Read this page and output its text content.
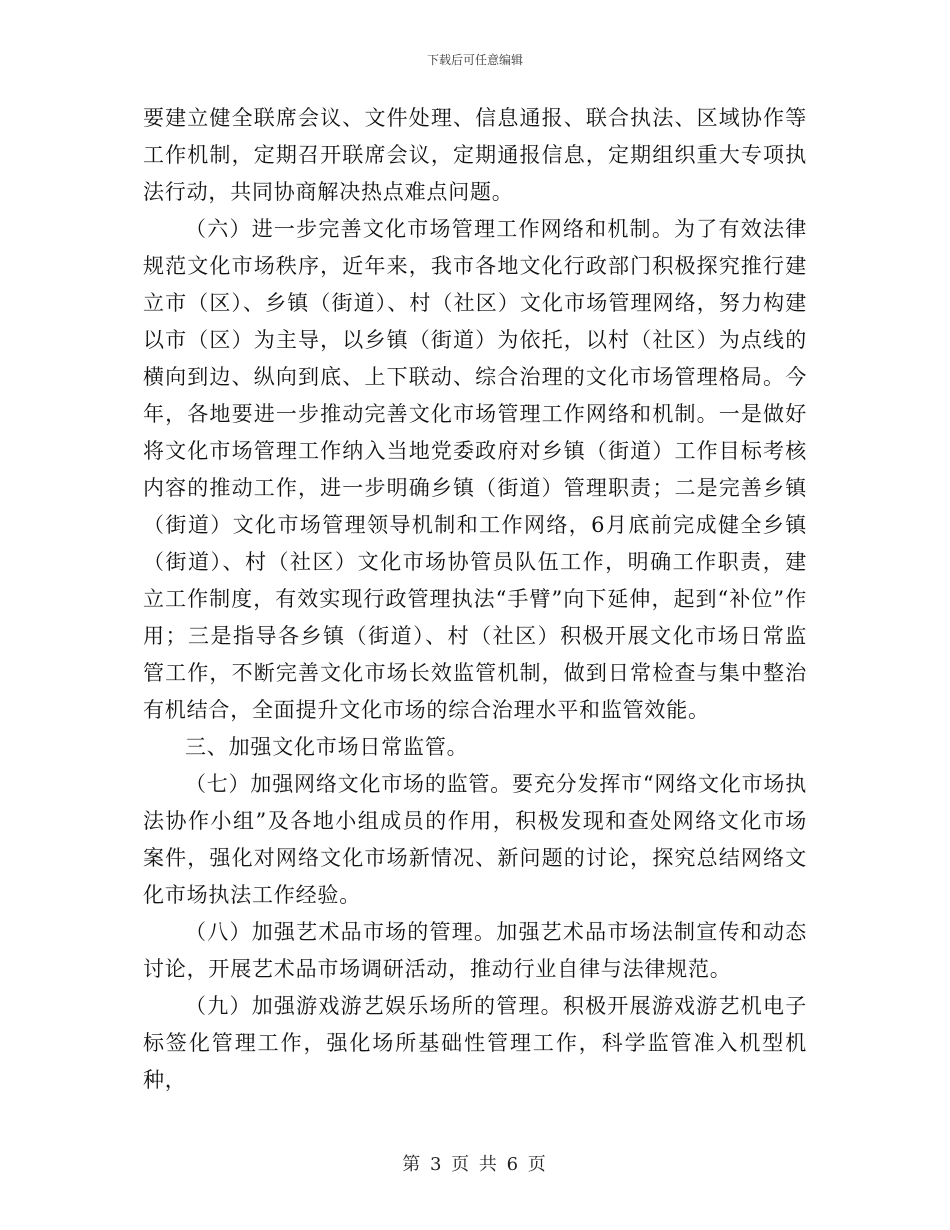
下载后可任意编辑

要建立健全联席会议、文件处理、信息通报、联合执法、区域协作等工作机制，定期召开联席会议，定期通报信息，定期组织重大专项执法行动，共同协商解决热点难点问题。

（六）进一步完善文化市场管理工作网络和机制。为了有效法律规范文化市场秩序，近年来，我市各地文化行政部门积极探究推行建立市（区）、乡镇（街道）、村（社区）文化市场管理网络，努力构建以市（区）为主导，以乡镇（街道）为依托，以村（社区）为点线的横向到边、纵向到底、上下联动、综合治理的文化市场管理格局。今年，各地要进一步推动完善文化市场管理工作网络和机制。一是做好将文化市场管理工作纳入当地党委政府对乡镇（街道）工作目标考核内容的推动工作，进一步明确乡镇（街道）管理职责；二是完善乡镇（街道）文化市场管理领导机制和工作网络，6月底前完成健全乡镇（街道）、村（社区）文化市场协管员队伍工作，明确工作职责，建立工作制度，有效实现行政管理执法“手臂”向下延伸，起到“补位”作用；三是指导各乡镇（街道）、村（社区）积极开展文化市场日常监管工作，不断完善文化市场长效监管机制，做到日常检查与集中整治有机结合，全面提升文化市场的综合治理水平和监管效能。

三、加强文化市场日常监管。

（七）加强网络文化市场的监管。要充分发挥市“网络文化市场执法协作小组”及各地小组成员的作用，积极发现和查处网络文化市场案件，强化对网络文化市场新情况、新问题的讨论，探究总结网络文化市场执法工作经验。

（八）加强艺术品市场的管理。加强艺术品市场法制宣传和动态讨论，开展艺术品市场调研活动，推动行业自律与法律规范。

（九）加强游戏游艺娱乐场所的管理。积极开展游戏游艺机电子标签化管理工作，强化场所基础性管理工作，科学监管准入机型机种，

第 3 页 共 6 页
